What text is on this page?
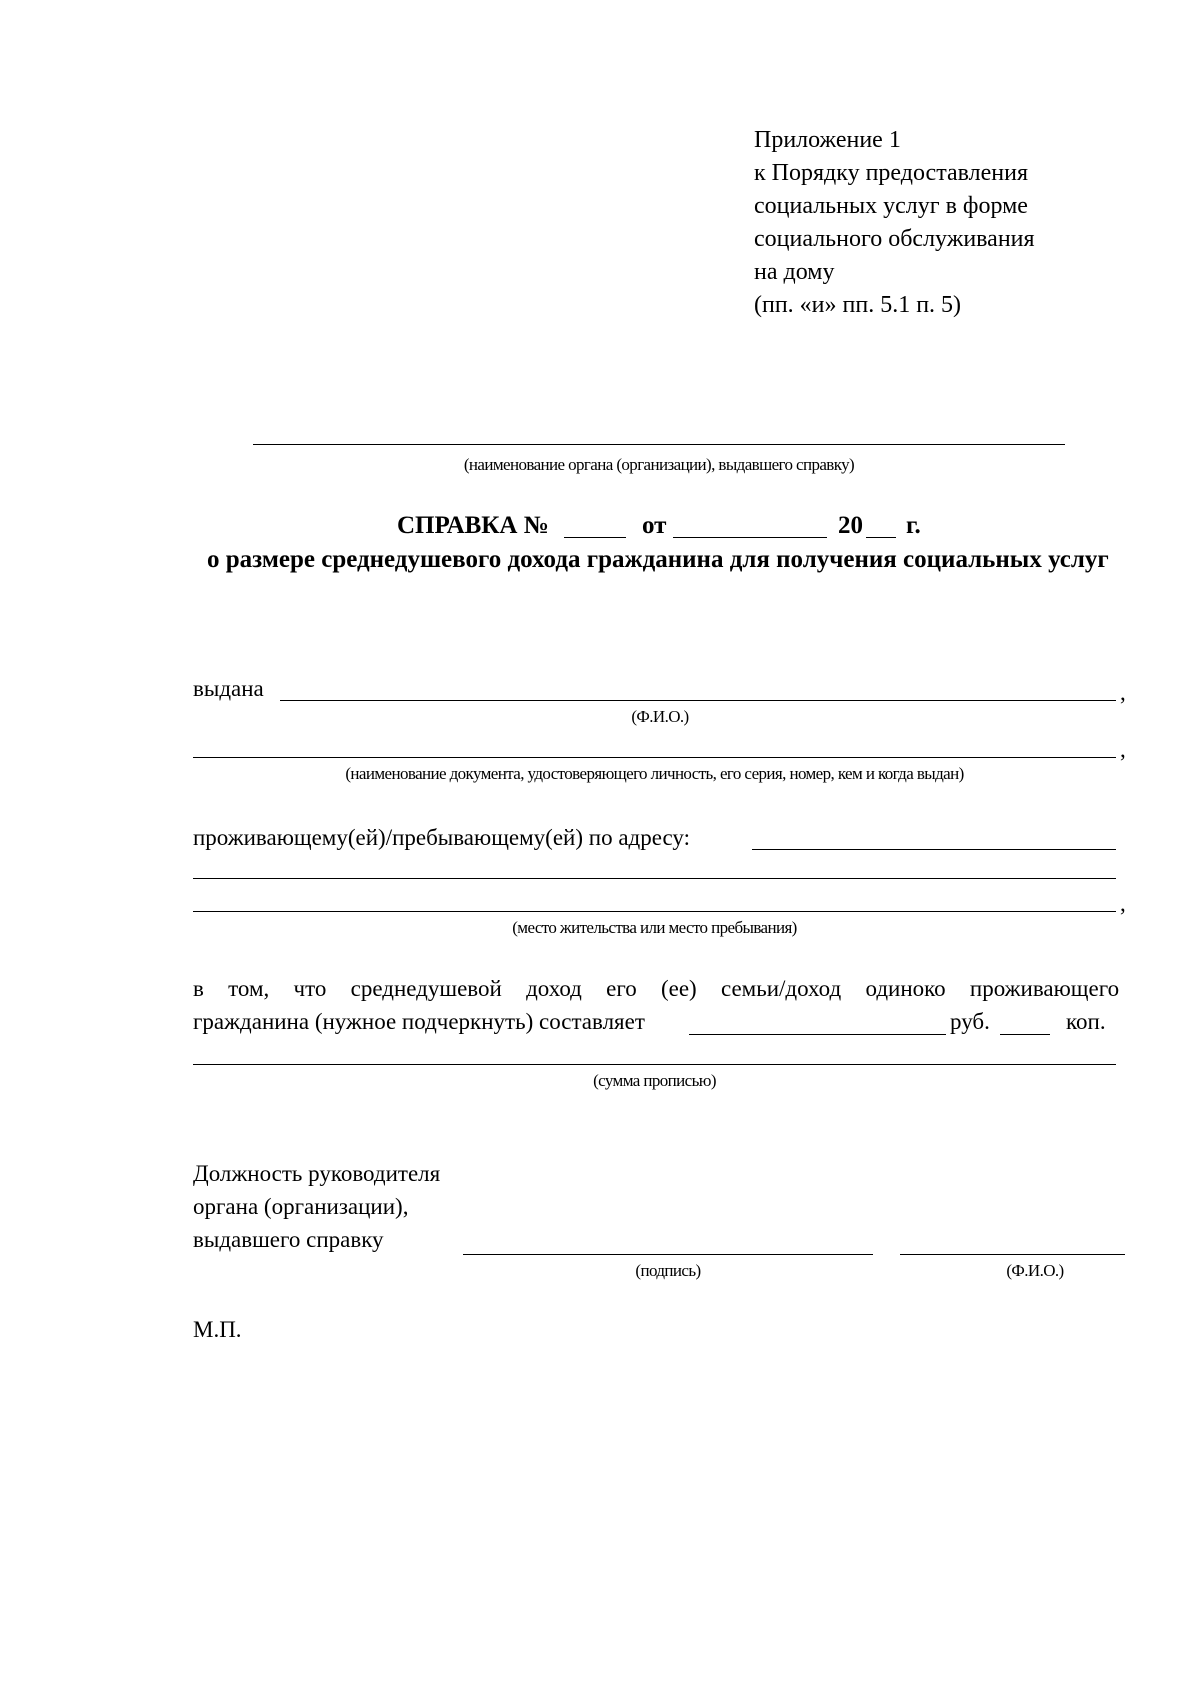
Приложение 1
к Порядку предоставления
социальных услуг в форме
социального обслуживания
на дому
(пп. «и» пп. 5.1 п. 5)
(наименование органа (организации), выдавшего справку)
СПРАВКА №	от	20 г.
о размере среднедушевого дохода гражданина для получения социальных услуг
выдана	,
(Ф.И.О.)
,
(наименование документа, удостоверяющего личность, его серия, номер, кем и когда выдан)
проживающему(ей)/пребывающему(ей) по адресу:
,
(место жительства или место пребывания)
в том, что среднедушевой доход его (ее) семьи/доход одиноко проживающего
гражданина (нужное подчеркнуть) составляет	руб.	коп.
(сумма прописью)
Должность руководителя
органа (организации),
выдавшего справку
(подпись)	(Ф.И.О.)
М.П.
